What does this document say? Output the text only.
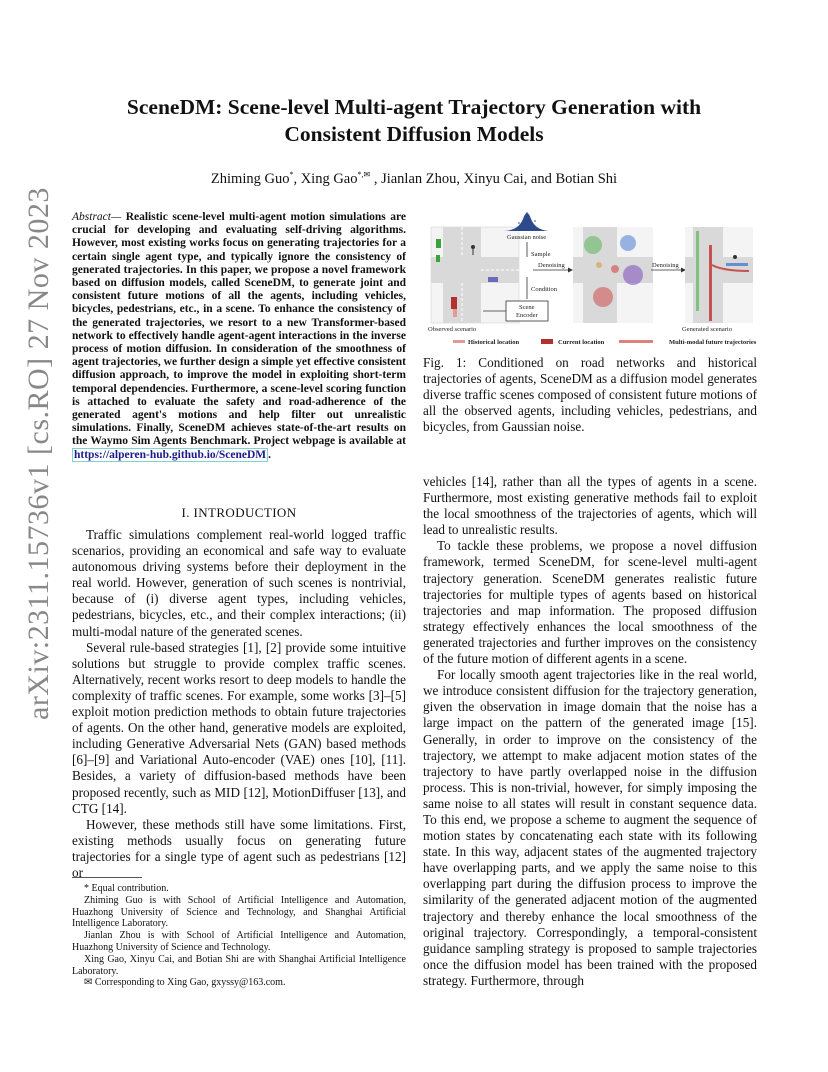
arXiv:2311.15736v1 [cs.RO] 27 Nov 2023
SceneDM: Scene-level Multi-agent Trajectory Generation with
Consistent Diffusion Models
Zhiming Guo*, Xing Gao*,✉ , Jianlan Zhou, Xinyu Cai, and Botian Shi
Abstract— Realistic scene-level multi-agent motion simulations are crucial for developing and evaluating self-driving algorithms. However, most existing works focus on generating trajectories for a certain single agent type, and typically ignore the consistency of generated trajectories. In this paper, we propose a novel framework based on diffusion models, called SceneDM, to generate joint and consistent future motions of all the agents, including vehicles, bicycles, pedestrians, etc., in a scene. To enhance the consistency of the generated trajectories, we resort to a new Transformer-based network to effectively handle agent-agent interactions in the inverse process of motion diffusion. In consideration of the smoothness of agent trajectories, we further design a simple yet effective consistent diffusion approach, to improve the model in exploiting short-term temporal dependencies. Furthermore, a scene-level scoring function is attached to evaluate the safety and road-adherence of the generated agent's motions and help filter out unrealistic simulations. Finally, SceneDM achieves state-of-the-art results on the Waymo Sim Agents Benchmark. Project webpage is available at https://alperen-hub.github.io/SceneDM .
I. INTRODUCTION

Traffic simulations complement real-world logged traffic scenarios, providing an economical and safe way to evaluate autonomous driving systems before their deployment in the real world. However, generation of such scenes is nontrivial, because of (i) diverse agent types, including vehicles, pedestrians, bicycles, etc., and their complex interactions; (ii) multi-modal nature of the generated scenes.

Several rule-based strategies [1], [2] provide some intuitive solutions but struggle to provide complex traffic scenes. Alternatively, recent works resort to deep models to handle the complexity of traffic scenes. For example, some works [3]–[5] exploit motion prediction methods to obtain future trajectories of agents. On the other hand, generative models are exploited, including Generative Adversarial Nets (GAN) based methods [6]–[9] and Variational Auto-encoder (VAE) ones [10], [11]. Besides, a variety of diffusion-based methods have been proposed recently, such as MID [12], MotionDiffuser [13], and CTG [14].

However, these methods still have some limitations. First, existing methods usually focus on generating future trajectories for a single type of agent such as pedestrians [12] or

* Equal contribution.

Zhiming Guo is with School of Artificial Intelligence and Automation, Huazhong University of Science and Technology, and Shanghai Artificial Intelligence Laboratory.

Jianlan Zhou is with School of Artificial Intelligence and Automation, Huazhong University of Science and Technology.

Xing Gao, Xinyu Cai, and Botian Shi are with Shanghai Artificial Intelligence Laboratory.

✉ Corresponding to Xing Gao, gxyssy@163.com.

Observed scenario
Gaussian noise
Sample
Denoising
Condition
Scene
Encoder
Denoising
Generated scenario
Historical location	Current location	Multi-modal future trajectories
Fig. 1: Conditioned on road networks and historical trajectories of agents, SceneDM as a diffusion model generates diverse traffic scenes composed of consistent future motions of all the observed agents, including vehicles, pedestrians, and bicycles, from Gaussian noise.

vehicles [14], rather than all the types of agents in a scene. Furthermore, most existing generative methods fail to exploit the local smoothness of the trajectories of agents, which will lead to unrealistic results.

To tackle these problems, we propose a novel diffusion framework, termed SceneDM, for scene-level multi-agent trajectory generation. SceneDM generates realistic future trajectories for multiple types of agents based on historical trajectories and map information. The proposed diffusion strategy effectively enhances the local smoothness of the generated trajectories and further improves on the consistency of the future motion of different agents in a scene.

For locally smooth agent trajectories like in the real world, we introduce consistent diffusion for the trajectory generation, given the observation in image domain that the noise has a large impact on the pattern of the generated image [15]. Generally, in order to improve on the consistency of the trajectory, we attempt to make adjacent motion states of the trajectory to have partly overlapped noise in the diffusion process. This is non-trivial, however, for simply imposing the same noise to all states will result in constant sequence data. To this end, we propose a scheme to augment the sequence of motion states by concatenating each state with its following state. In this way, adjacent states of the augmented trajectory have overlapping parts, and we apply the same noise to this overlapping part during the diffusion process to improve the similarity of the generated adjacent motion of the augmented trajectory and thereby enhance the local smoothness of the original trajectory. Correspondingly, a temporal-consistent guidance sampling strategy is proposed to sample trajectories once the diffusion model has been trained with the proposed strategy. Furthermore, through
